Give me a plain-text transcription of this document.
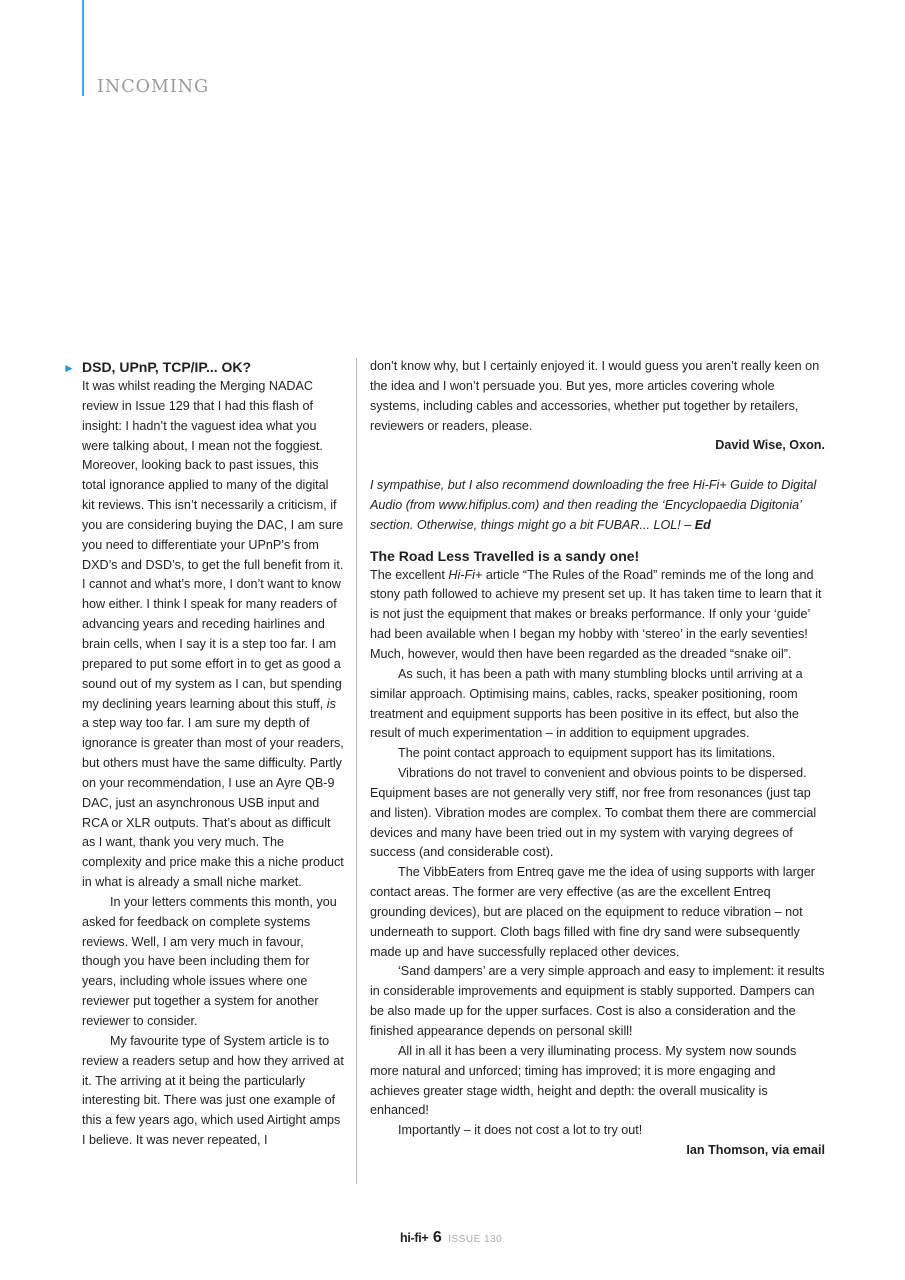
INCOMING
► DSD, UPnP, TCP/IP... OK?

It was whilst reading the Merging NADAC review in Issue 129 that I had this flash of insight: I hadn’t the vaguest idea what you were talking about, I mean not the foggiest. Moreover, looking back to past issues, this total ignorance applied to many of the digital kit reviews. This isn’t necessarily a criticism, if you are considering buying the DAC, I am sure you need to differentiate your UPnP’s from DXD’s and DSD’s, to get the full benefit from it. I cannot and what’s more, I don’t want to know how either. I think I speak for many readers of advancing years and receding hairlines and brain cells, when I say it is a step too far. I am prepared to put some effort in to get as good a sound out of my system as I can, but spending my declining years learning about this stuff, is a step way too far. I am sure my depth of ignorance is greater than most of your readers, but others must have the same difficulty. Partly on your recommendation, I use an Ayre QB-9 DAC, just an asynchronous USB input and RCA or XLR outputs. That’s about as difficult as I want, thank you very much. The complexity and price make this a niche product in what is already a small niche market.

In your letters comments this month, you asked for feedback on complete systems reviews. Well, I am very much in favour, though you have been including them for years, including whole issues where one reviewer put together a system for another reviewer to consider.

My favourite type of System article is to review a readers setup and how they arrived at it. The arriving at it being the particularly interesting bit. There was just one example of this a few years ago, which used Airtight amps I believe. It was never repeated, I

don’t know why, but I certainly enjoyed it. I would guess you aren’t really keen on the idea and I won’t persuade you. But yes, more articles covering whole systems, including cables and accessories, whether put together by retailers, reviewers or readers, please.

David Wise, Oxon.

I sympathise, but I also recommend downloading the free Hi-Fi+ Guide to Digital Audio (from www.hifiplus.com) and then reading the ‘Encyclopaedia Digitonia’ section. Otherwise, things might go a bit FUBAR... LOL! – Ed

The Road Less Travelled is a sandy one!

The excellent Hi-Fi+ article “The Rules of the Road” reminds me of the long and stony path followed to achieve my present set up. It has taken time to learn that it is not just the equipment that makes or breaks performance. If only your ‘guide’ had been available when I began my hobby with ‘stereo’ in the early seventies! Much, however, would then have been regarded as the dreaded “snake oil”.

As such, it has been a path with many stumbling blocks until arriving at a similar approach. Optimising mains, cables, racks, speaker positioning, room treatment and equipment supports has been positive in its effect, but also the result of much experimentation – in addition to equipment upgrades.

The point contact approach to equipment support has its limitations.

Vibrations do not travel to convenient and obvious points to be dispersed. Equipment bases are not generally very stiff, nor free from resonances (just tap and listen). Vibration modes are complex. To combat them there are commercial devices and many have been tried out in my system with varying degrees of success (and considerable cost).

The VibbEaters from Entreq gave me the idea of using supports with larger contact areas. The former are very effective (as are the excellent Entreq grounding devices), but are placed on the equipment to reduce vibration – not underneath to support. Cloth bags filled with fine dry sand were subsequently made up and have successfully replaced other devices.

‘Sand dampers’ are a very simple approach and easy to implement: it results in considerable improvements and equipment is stably supported. Dampers can be also made up for the upper surfaces. Cost is also a consideration and the finished appearance depends on personal skill!

All in all it has been a very illuminating process. My system now sounds more natural and unforced; timing has improved; it is more engaging and achieves greater stage width, height and depth: the overall musicality is enhanced!

Importantly – it does not cost a lot to try out!

Ian Thomson, via email

hi-fi+ 6 ISSUE 130
